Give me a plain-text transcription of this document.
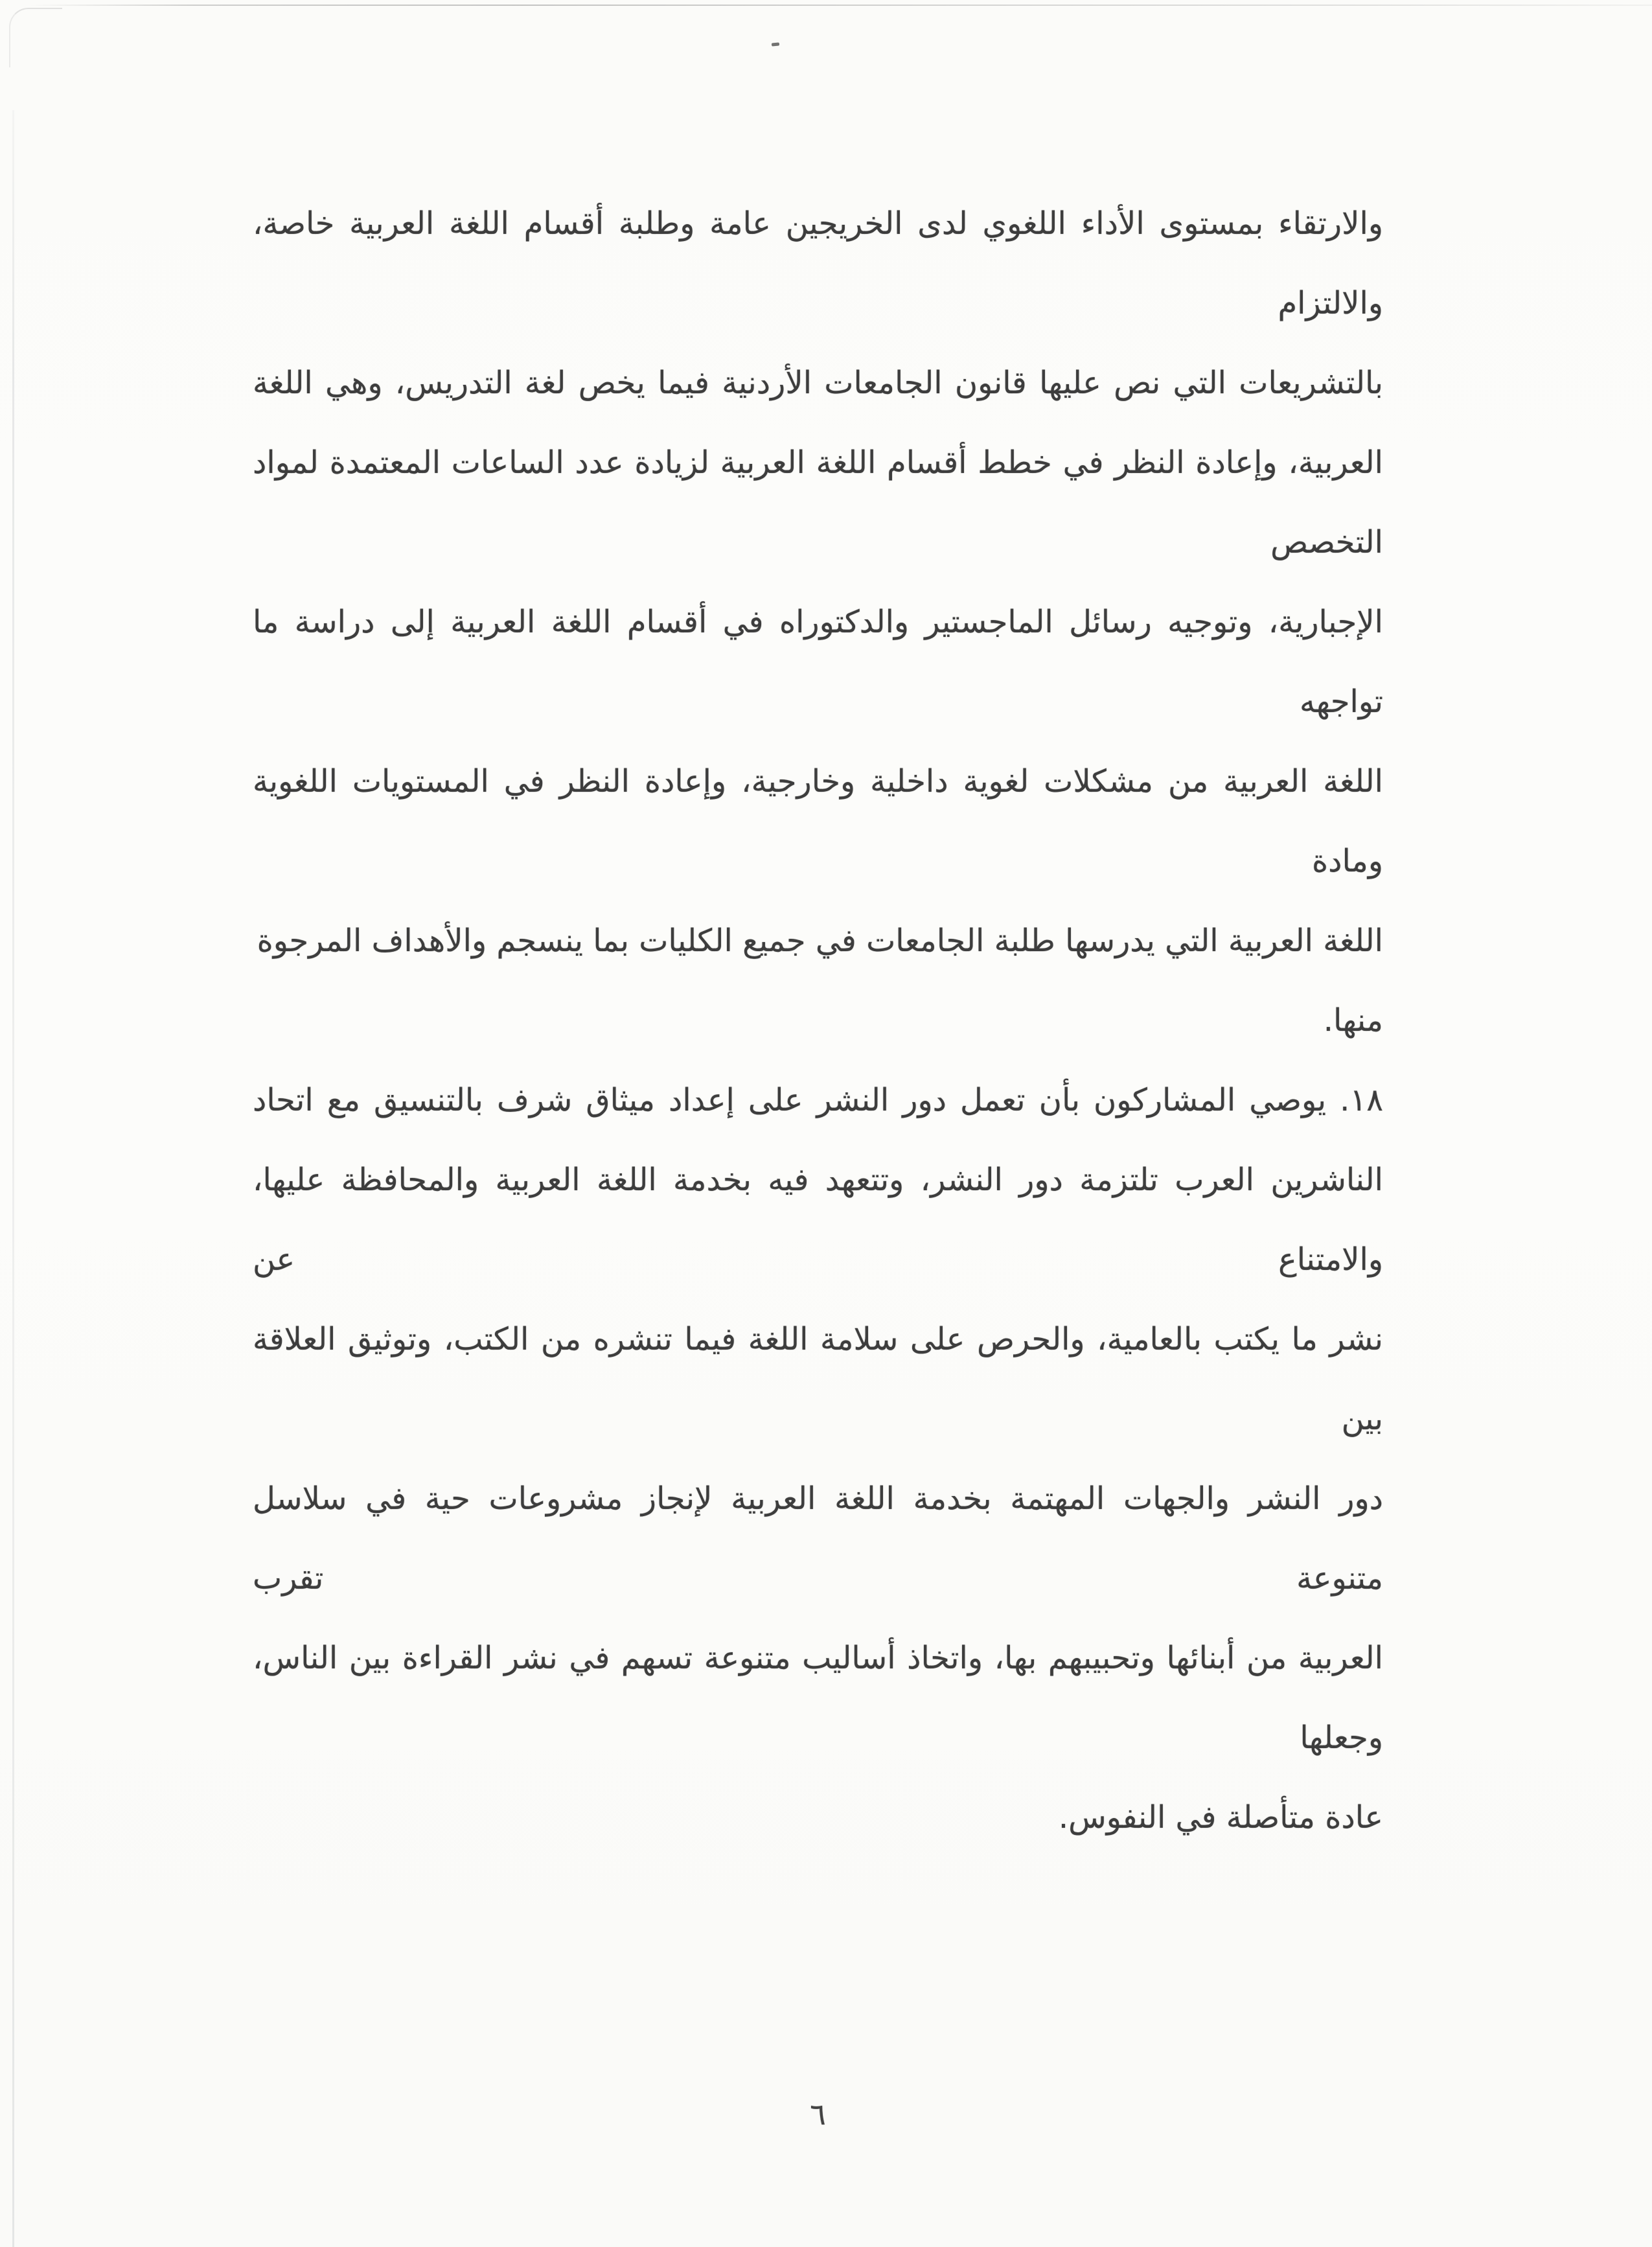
والارتقاء بمستوى الأداء اللغوي لدى الخريجين عامة وطلبة أقسام اللغة العربية خاصة، والالتزام

بالتشريعات التي نص عليها قانون الجامعات الأردنية فيما يخص لغة التدريس، وهي اللغة

العربية، وإعادة النظر في خطط أقسام اللغة العربية لزيادة عدد الساعات المعتمدة لمواد التخصص

الإجبارية، وتوجيه رسائل الماجستير والدكتوراه في أقسام اللغة العربية إلى دراسة ما تواجهه

اللغة العربية من مشكلات لغوية داخلية وخارجية، وإعادة النظر في المستويات اللغوية ومادة

اللغة العربية التي يدرسها طلبة الجامعات في جميع الكليات بما ينسجم والأهداف المرجوة منها.

١٨. يوصي المشاركون بأن تعمل دور النشر على إعداد ميثاق شرف بالتنسيق مع اتحاد

الناشرين العرب تلتزمة دور النشر، وتتعهد فيه بخدمة اللغة العربية والمحافظة عليها، والامتناع عن

نشر ما يكتب بالعامية، والحرص على سلامة اللغة فيما تنشره من الكتب، وتوثيق العلاقة بين

دور النشر والجهات المهتمة بخدمة اللغة العربية لإنجاز مشروعات حية في سلاسل متنوعة تقرب

العربية من أبنائها وتحبيبهم بها، واتخاذ أساليب متنوعة تسهم في نشر القراءة بين الناس، وجعلها

عادة متأصلة في النفوس.

٦
